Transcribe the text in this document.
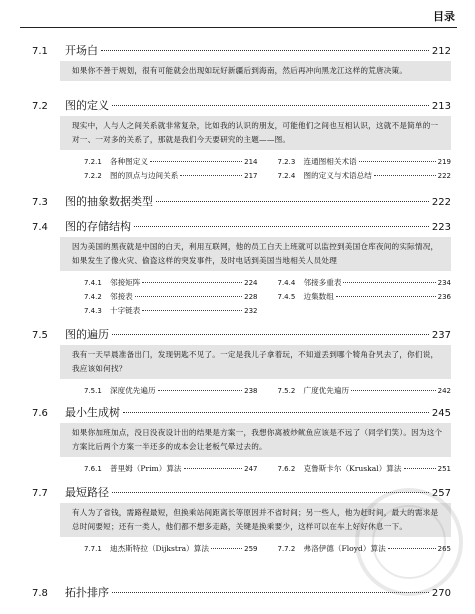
目录
7.1	开场白	212
如果你不善于规划，很有可能就会出现如玩好新疆后到海南，然后再冲向黑龙江这样的荒唐决策。
7.2	图的定义	213
现实中，人与人之间关系就非常复杂，比如我的认识的朋友，可能他们之间也互相认识，这就不是简单的一对一、一对多的关系了，那就是我们今天要研究的主题——图。
7.2.1	各种图定义	214	7.2.3	连通图相关术语	219
7.2.2	图的顶点与边间关系	217	7.2.4	图的定义与术语总结	222
7.3	图的抽象数据类型	222
7.4	图的存储结构	223
因为美国的黑夜就是中国的白天，利用互联网，他的员工白天上班就可以监控到美国仓库夜间的实际情况，如果发生了像火灾、偷盗这样的突发事件，及时电话到美国当地相关人员处理
7.4.1	邻接矩阵	224	7.4.4	邻接多重表	234
7.4.2	邻接表	228	7.4.5	边集数组	236
7.4.3	十字链表	232
7.5	图的遍历	237
我有一天早晨准备出门，发现钥匙不见了。一定是我儿子拿着玩，不知道丢到哪个犄角旮旯去了，你们说，我应该如何找？
7.5.1	深度优先遍历	238	7.5.2	广度优先遍历	242
7.6	最小生成树	245
如果你加班加点，没日没夜设计出的结果是方案一，我想你离被炒鱿鱼应该是不远了（同学们笑）。因为这个方案比后两个方案一半还多的成本会让老板气晕过去的。
7.6.1	普里姆（Prim）算法	247	7.6.2	克鲁斯卡尔（Kruskal）算法	251
7.7	最短路径	257
有人为了省钱，需路程最短，但换乘站间距离长等原因并不省时间；另一些人，他为赶时间，最大的需求是总时间要短；还有一类人，他们都不想多走路，关键是换乘要少，这样可以在车上好好休息一下。
7.7.1	迪杰斯特拉（Dijkstra）算法	259	7.7.2	弗洛伊德（Floyd）算法	265
7.8	拓扑排序	270
